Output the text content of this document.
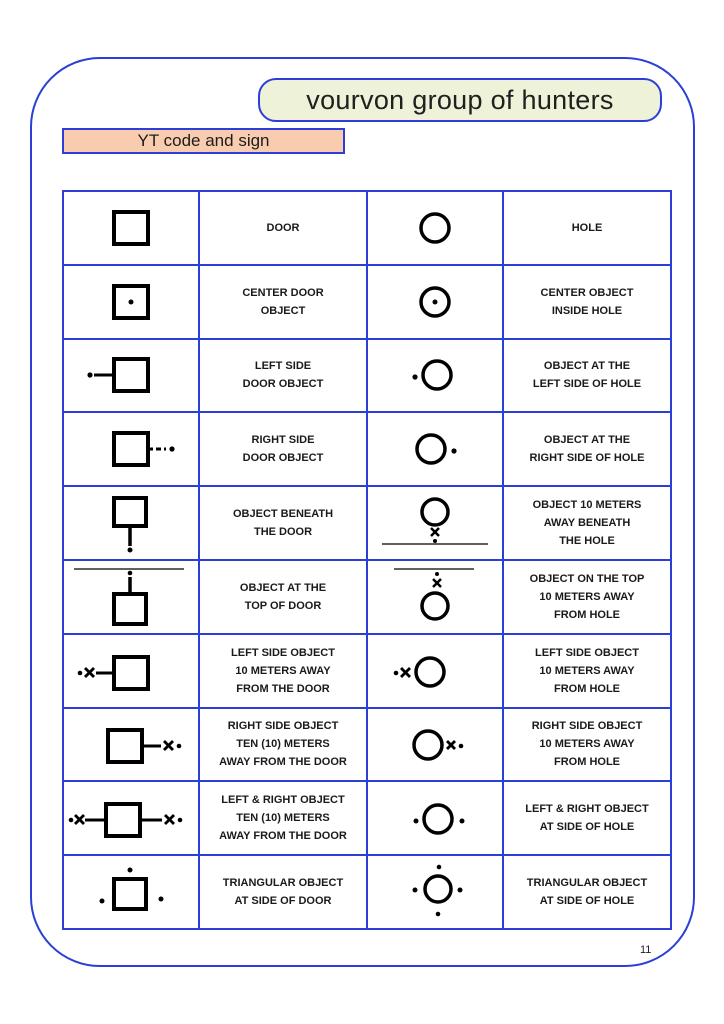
vourvon group of hunters
YT code and sign

DOOR		HOLE

CENTER DOOR
OBJECT		CENTER OBJECT
INSIDE HOLE

LEFT SIDE
DOOR OBJECT		OBJECT AT THE
LEFT SIDE OF HOLE

RIGHT SIDE
DOOR OBJECT		OBJECT AT THE
RIGHT SIDE OF HOLE

OBJECT BENEATH
THE DOOR		OBJECT 10 METERS
AWAY BENEATH
THE HOLE

OBJECT AT THE
TOP OF DOOR		OBJECT ON THE TOP
10 METERS AWAY
FROM HOLE

LEFT SIDE OBJECT
10 METERS AWAY
FROM THE DOOR		LEFT SIDE OBJECT
10 METERS AWAY
FROM HOLE

RIGHT SIDE OBJECT
TEN (10) METERS
AWAY FROM THE DOOR		RIGHT SIDE OBJECT
10 METERS AWAY
FROM HOLE

LEFT & RIGHT OBJECT
TEN (10) METERS
AWAY FROM THE DOOR		LEFT & RIGHT OBJECT
AT SIDE OF HOLE

TRIANGULAR OBJECT
AT SIDE OF DOOR		TRIANGULAR OBJECT
AT SIDE OF HOLE
11
